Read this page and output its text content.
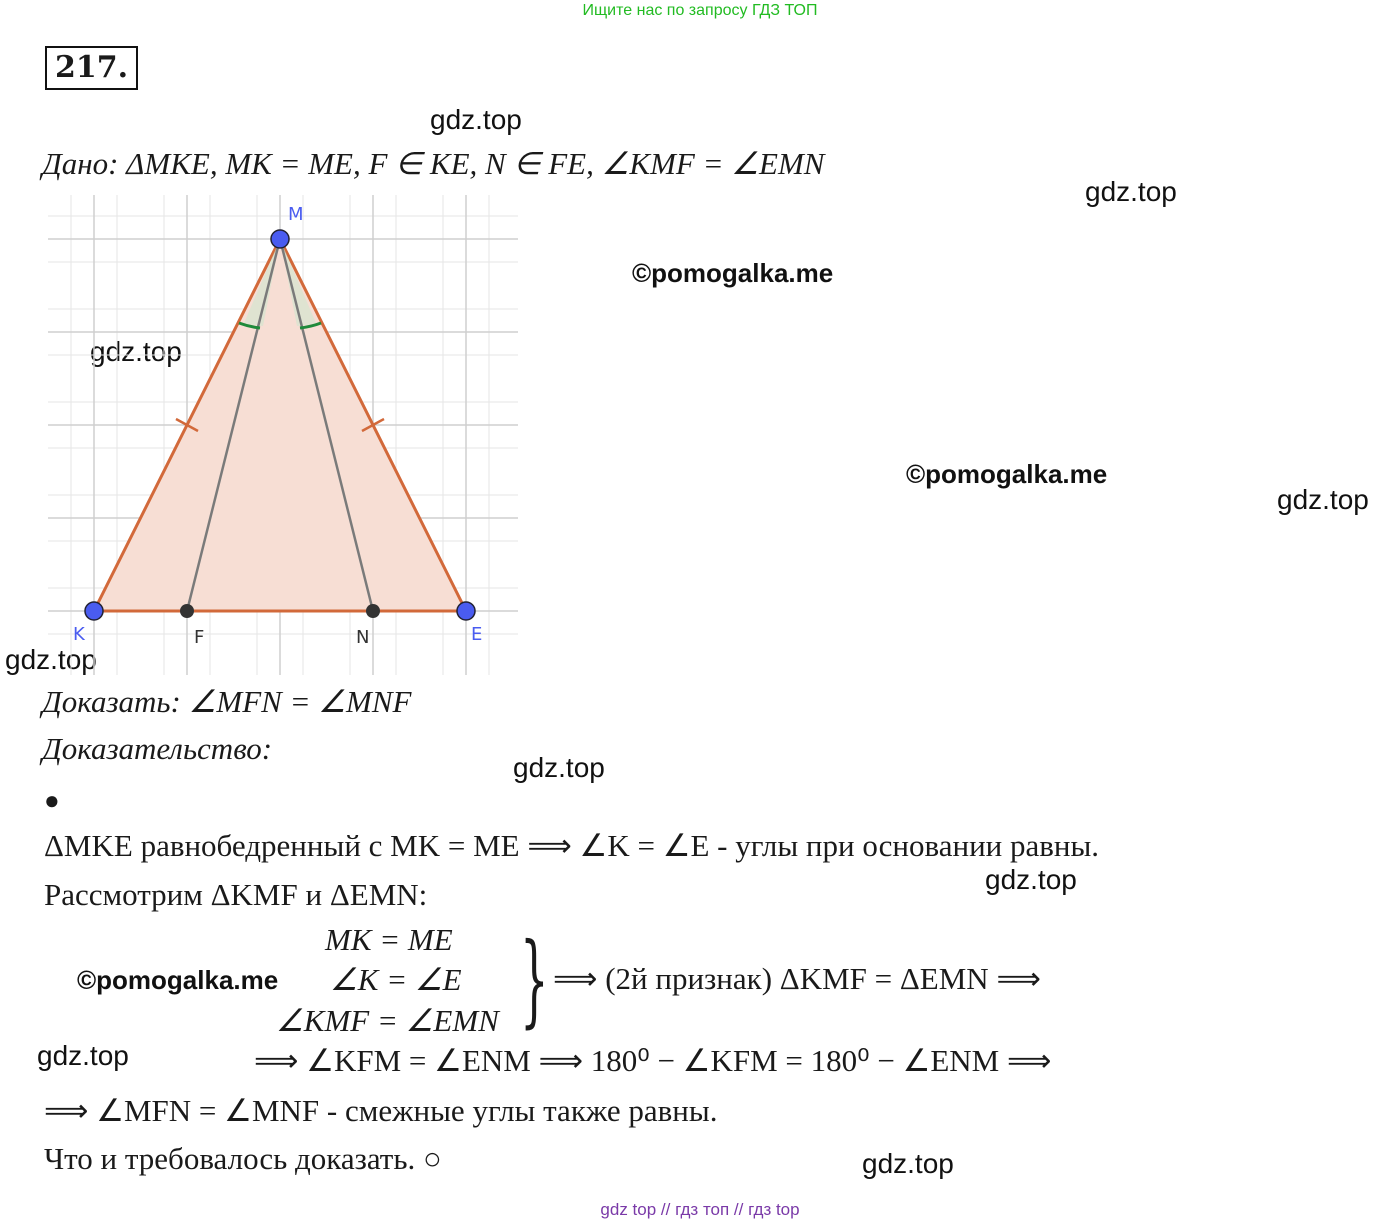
Ищите нас по запросу ГДЗ ТОП
217.
gdz.top
gdz.top
gdz.top
gdz.top
gdz.top
gdz.top
gdz.top
gdz.top
gdz.top
©pomogalka.me
©pomogalka.me
©pomogalka.me
Дано: ΔMKE, MK = ME, F ∈ KE, N ∈ FE, ∠KMF = ∠EMN
M
K	E
F	N
Доказать: ∠MFN = ∠MNF
Доказательство:
●
ΔMKE равнобедренный с MK = ME ⟹ ∠K = ∠E - углы при основании равны.
Рассмотрим ΔKMF и ΔEMN:
MK = ME
∠K = ∠E
∠KMF = ∠EMN } ⟹ (2й признак) ΔKMF = ΔEMN ⟹
⟹ ∠KFM = ∠ENM ⟹ 180⁰ − ∠KFM = 180⁰ − ∠ENM ⟹
⟹ ∠MFN = ∠MNF - смежные углы также равны.
Что и требовалось доказать. ○
gdz top // гдз топ // гдз top
